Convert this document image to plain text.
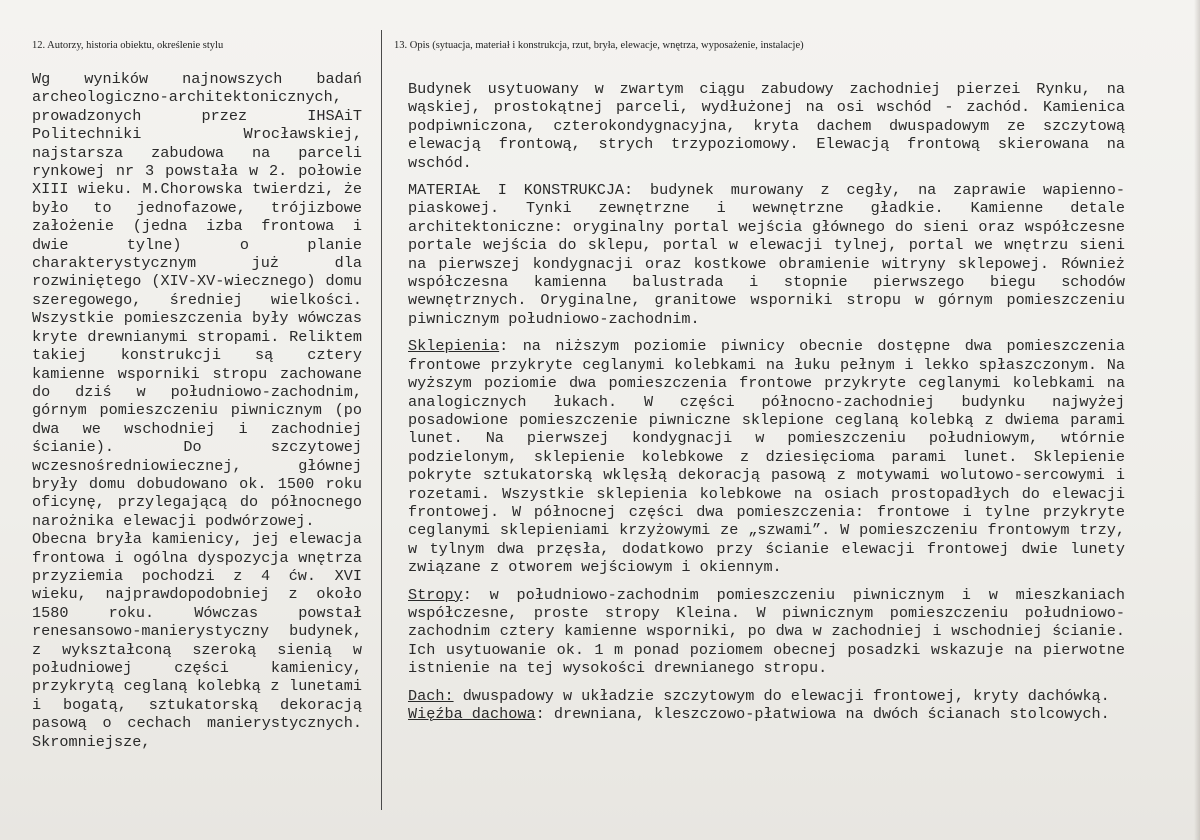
12. Autorzy, historia obiektu, określenie stylu	13. Opis (sytuacja, materiał i konstrukcja, rzut, bryła, elewacje, wnętrza, wyposażenie, instalacje)

Wg wyników najnowszych badań archeologiczno-architektonicznych, prowadzonych przez IHSAiT Politechniki Wrocławskiej, najstarsza zabudowa na parceli rynkowej nr 3 powstała w 2. połowie XIII wieku. M.Chorowska twierdzi, że było to jednofazowe, trójizbowe założenie (jedna izba frontowa i dwie tylne) o planie charakterystycznym już dla rozwiniętego (XIV-XV-wiecznego) domu szeregowego, średniej wielkości. Wszystkie pomieszczenia były wówczas kryte drewnianymi stropami. Reliktem takiej konstrukcji są cztery kamienne wsporniki stropu zachowane do dziś w południowo-zachodnim, górnym pomieszczeniu piwnicznym (po dwa we wschodniej i zachodniej ścianie). Do szczytowej wczesnośredniowiecznej, głównej bryły domu dobudowano ok. 1500 roku oficynę, przylegającą do północnego narożnika elewacji podwórzowej.

Obecna bryła kamienicy, jej elewacja frontowa i ogólna dyspozycja wnętrza przyziemia pochodzi z 4 ćw. XVI wieku, najprawdopodobniej z około 1580 roku. Wówczas powstał renesansowo-manierystyczny budynek, z wykształconą szeroką sienią w południowej części kamienicy, przykrytą ceglaną kolebką z lunetami i bogatą, sztukatorską dekoracją pasową o cechach manierystycznych. Skromniejsze,

Budynek usytuowany w zwartym ciągu zabudowy zachodniej pierzei Rynku, na wąskiej, prostokątnej parceli, wydłużonej na osi wschód - zachód. Kamienica podpiwniczona, czterokondygnacyjna, kryta dachem dwuspadowym ze szczytową elewacją frontową, strych trzypoziomowy. Elewacją frontową skierowana na wschód.

MATERIAŁ I KONSTRUKCJA: budynek murowany z cegły, na zaprawie wapienno-piaskowej. Tynki zewnętrzne i wewnętrzne gładkie. Kamienne detale architektoniczne: oryginalny portal wejścia głównego do sieni oraz współczesne portale wejścia do sklepu, portal w elewacji tylnej, portal we wnętrzu sieni na pierwszej kondygnacji oraz kostkowe obramienie witryny sklepowej. Również współczesna kamienna balustrada i stopnie pierwszego biegu schodów wewnętrznych. Oryginalne, granitowe wsporniki stropu w górnym pomieszczeniu piwnicznym południowo-zachodnim.

Sklepienia: na niższym poziomie piwnicy obecnie dostępne dwa pomieszczenia frontowe przykryte ceglanymi kolebkami na łuku pełnym i lekko spłaszczonym. Na wyższym poziomie dwa pomieszczenia frontowe przykryte ceglanymi kolebkami na analogicznych łukach. W części północno-zachodniej budynku najwyżej posadowione pomieszczenie piwniczne sklepione ceglaną kolebką z dwiema parami lunet. Na pierwszej kondygnacji w pomieszczeniu południowym, wtórnie podzielonym, sklepienie kolebkowe z dziesięcioma parami lunet. Sklepienie pokryte sztukatorską wklęsłą dekoracją pasową z motywami wolutowo-sercowymi i rozetami. Wszystkie sklepienia kolebkowe na osiach prostopadłych do elewacji frontowej. W północnej części dwa pomieszczenia: frontowe i tylne przykryte ceglanymi sklepieniami krzyżowymi ze „szwami”. W pomieszczeniu frontowym trzy, w tylnym dwa przęsła, dodatkowo przy ścianie elewacji frontowej dwie lunety związane z otworem wejściowym i okiennym.

Stropy: w południowo-zachodnim pomieszczeniu piwnicznym i w mieszkaniach współczesne, proste stropy Kleina. W piwnicznym pomieszczeniu południowo-zachodnim cztery kamienne wsporniki, po dwa w zachodniej i wschodniej ścianie. Ich usytuowanie ok. 1 m ponad poziomem obecnej posadzki wskazuje na pierwotne istnienie na tej wysokości drewnianego stropu.

Dach: dwuspadowy w układzie szczytowym do elewacji frontowej, kryty dachówką.

Więźba dachowa: drewniana, kleszczowo-płatwiowa na dwóch ścianach stolcowych.
